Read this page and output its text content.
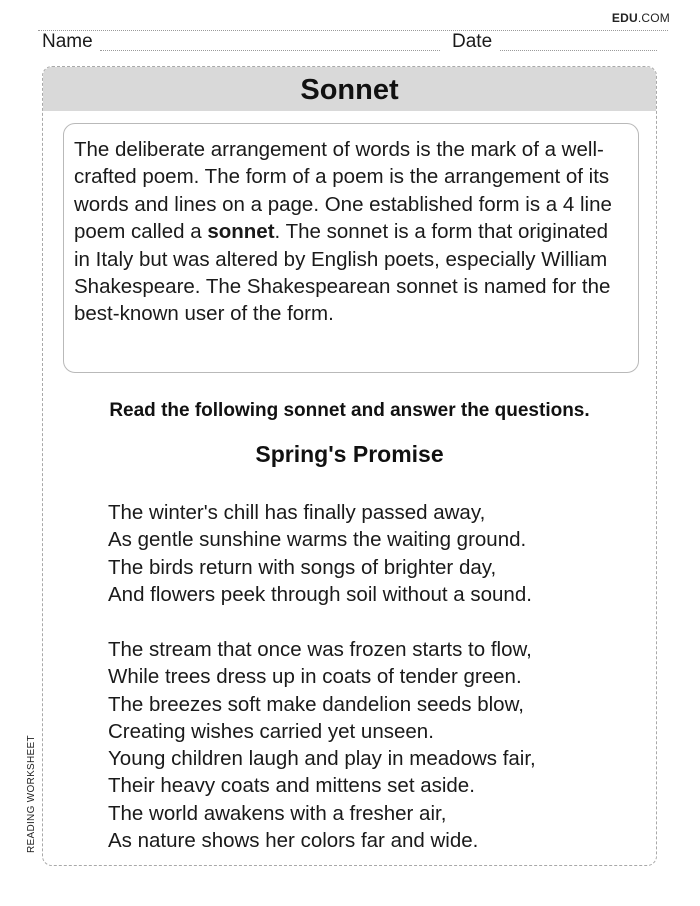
EDU.COM
Name	Date
Sonnet
The deliberate arrangement of words is the mark of a well-crafted poem. The form of a poem is the arrangement of its words and lines on a page. One established form is a 4 line poem called a sonnet. The sonnet is a form that originated in Italy but was altered by English poets, especially William Shakespeare. The Shakespearean sonnet is named for the best-known user of the form.
Read the following sonnet and answer the questions.
Spring's Promise
The winter's chill has finally passed away,
As gentle sunshine warms the waiting ground.
The birds return with songs of brighter day,
And flowers peek through soil without a sound.
The stream that once was frozen starts to flow,
While trees dress up in coats of tender green.
The breezes soft make dandelion seeds blow,
Creating wishes carried yet unseen.
Young children laugh and play in meadows fair,
Their heavy coats and mittens set aside.
The world awakens with a fresher air,
As nature shows her colors far and wide.
READING WORKSHEET
